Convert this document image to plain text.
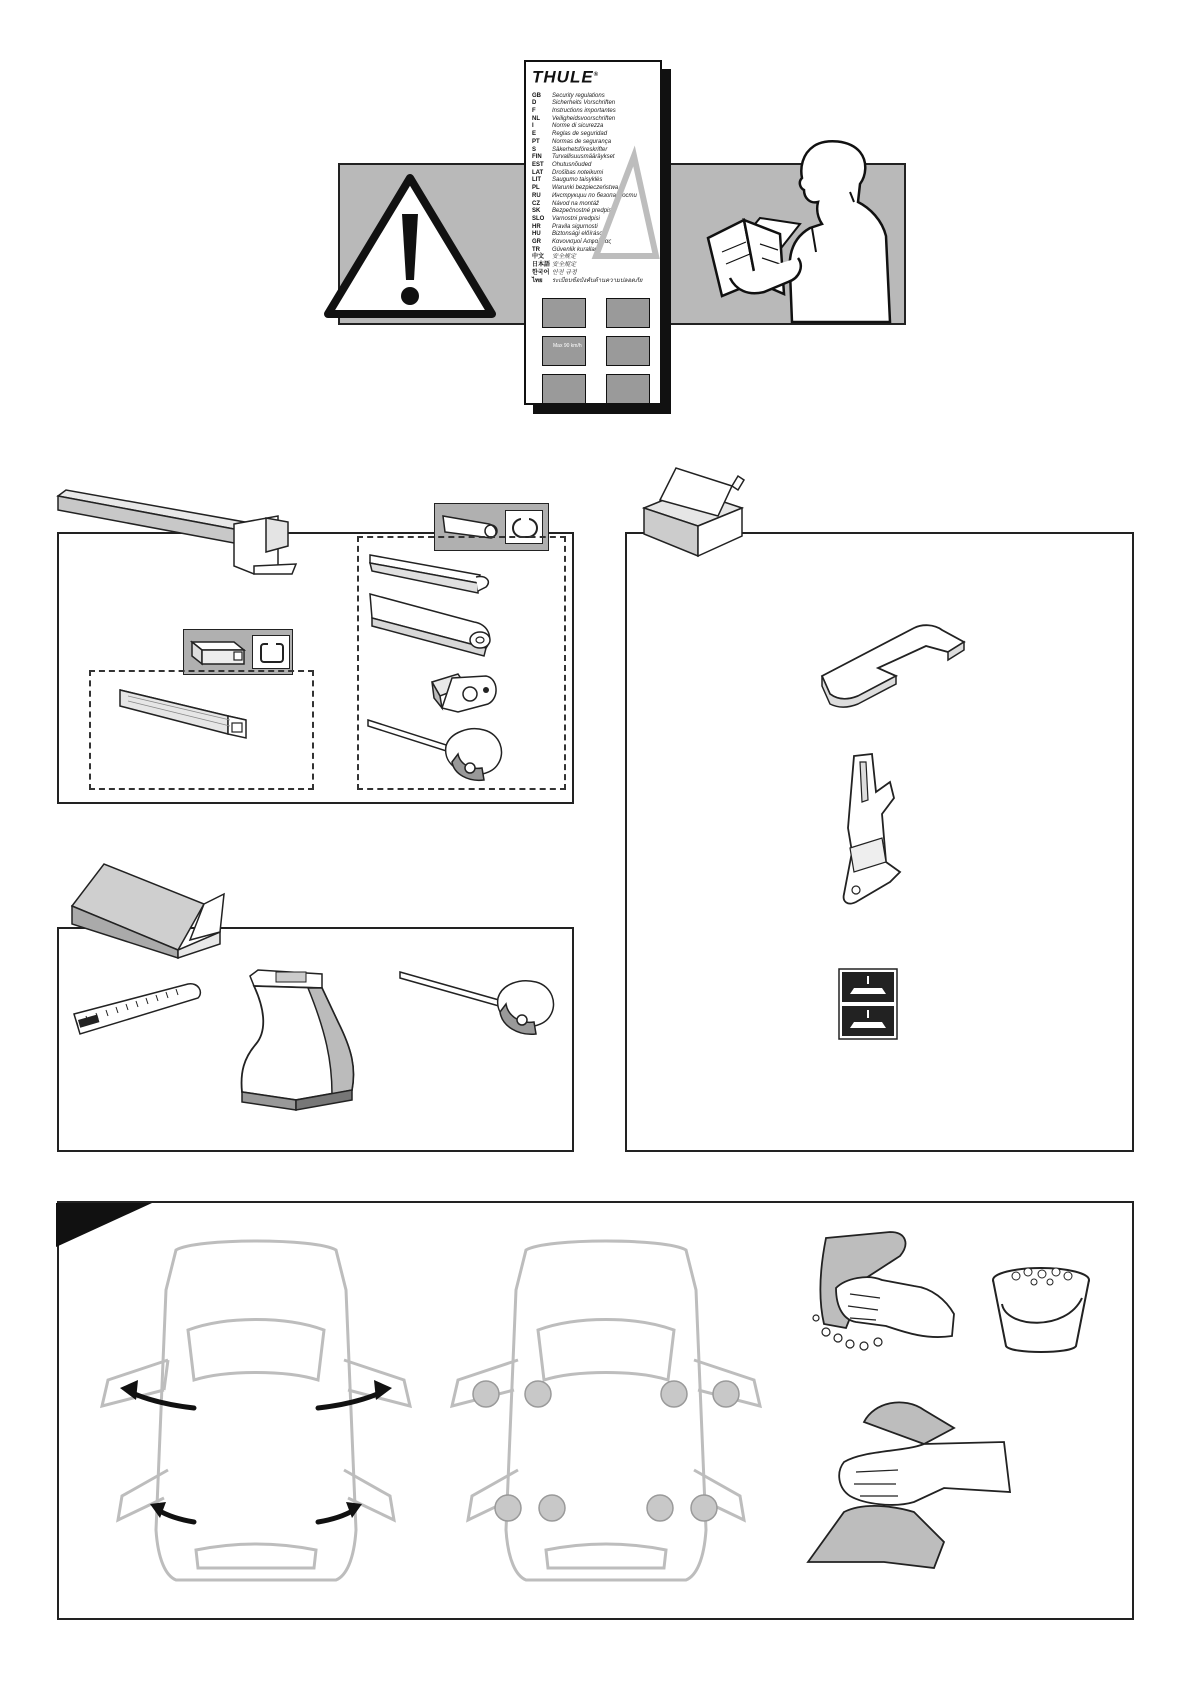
THULE®
GB	Security regulations
D	Sicherheits Vorschriften
F	Instructions importantes
NL	Veiligheidsvoorschriften
I	Norme di sicurezza
E	Reglas de seguridad
PT	Normas de segurança
S	Säkerhetsföreskrifter
FIN	Turvallisuusmääräykset
EST	Ohutusnõuded
LAT	Drošības noteikumi
LIT	Saugumo taisyklės
PL	Warunki bezpieczeństwa
RU	Инструкции по безопасности
CZ	Návod na montáž
SK	Bezpečnostné predpisy
SLO	Varnostni predpisi
HR	Pravila sigurnosti
HU	Biztonsági előírások
GR	Κανονισμοί Ασφαλείας
TR	Güvenlik kuralları
中文	安全规定
日本語 安全規定
한국어 안전 규정
ไทย	ระเบียบข้อบังคับด้านความปลอดภัย
Max 90 km/h
